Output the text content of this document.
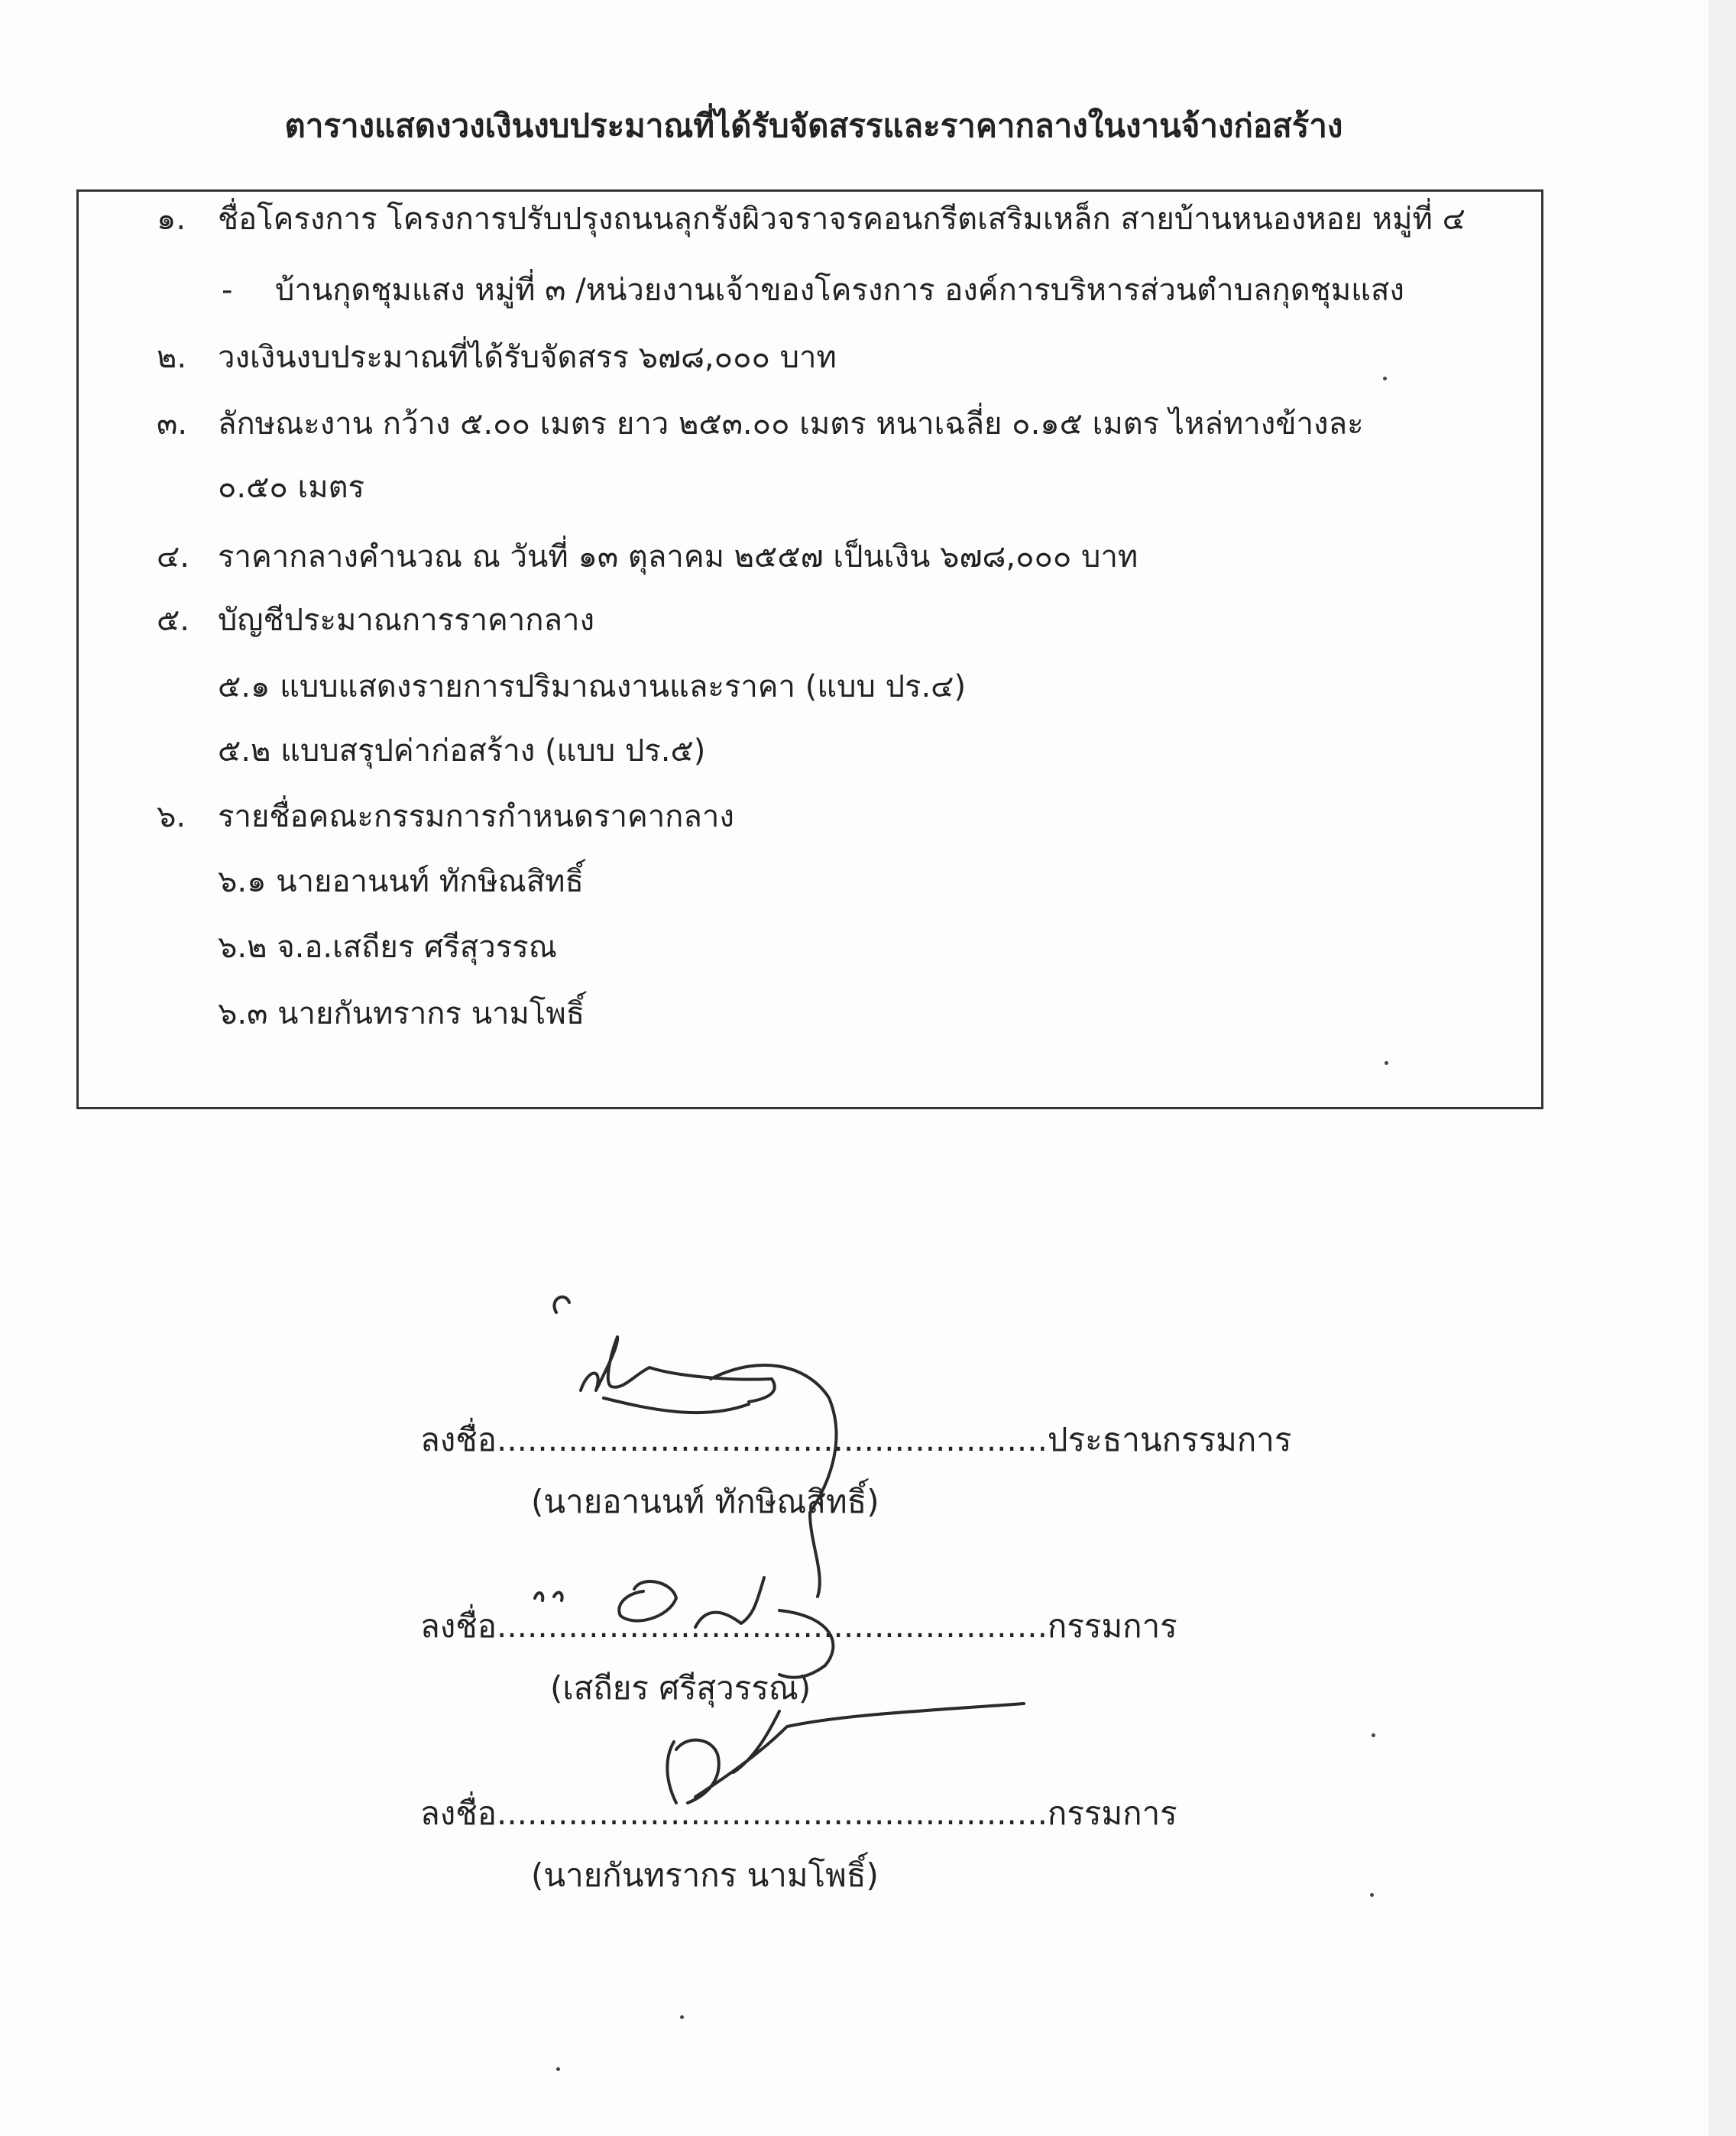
ตารางแสดงวงเงินงบประมาณที่ได้รับจัดสรรและราคากลางในงานจ้างก่อสร้าง
๑. ชื่อโครงการ โครงการปรับปรุงถนนลุกรังผิวจราจรคอนกรีตเสริมเหล็ก สายบ้านหนองหอย หมู่ที่ ๔
- บ้านกุดชุมแสง หมู่ที่ ๓ /หน่วยงานเจ้าของโครงการ องค์การบริหารส่วนตำบลกุดชุมแสง
๒. วงเงินงบประมาณที่ได้รับจัดสรร ๖๗๘,๐๐๐ บาท
๓. ลักษณะงาน กว้าง ๕.๐๐ เมตร ยาว ๒๕๓.๐๐ เมตร หนาเฉลี่ย ๐.๑๕ เมตร ไหล่ทางข้างละ
๐.๕๐ เมตร
๔. ราคากลางคำนวณ ณ วันที่ ๑๓ ตุลาคม ๒๕๕๗ เป็นเงิน ๖๗๘,๐๐๐ บาท
๕. บัญชีประมาณการราคากลาง
๕.๑ แบบแสดงรายการปริมาณงานและราคา (แบบ ปร.๔)
๕.๒ แบบสรุปค่าก่อสร้าง (แบบ ปร.๕)
๖. รายชื่อคณะกรรมการกำหนดราคากลาง
๖.๑ นายอานนท์ ทักษิณสิทธิ์
๖.๒ จ.อ.เสถียร ศรีสุวรรณ
๖.๓ นายกันทรากร นามโพธิ์
ลงชื่อ......................................................ประธานกรรมการ
(นายอานนท์ ทักษิณสิทธิ์)
ลงชื่อ......................................................กรรมการ
(เสถียร ศรีสุวรรณ)
ลงชื่อ......................................................กรรมการ
(นายกันทรากร นามโพธิ์)
